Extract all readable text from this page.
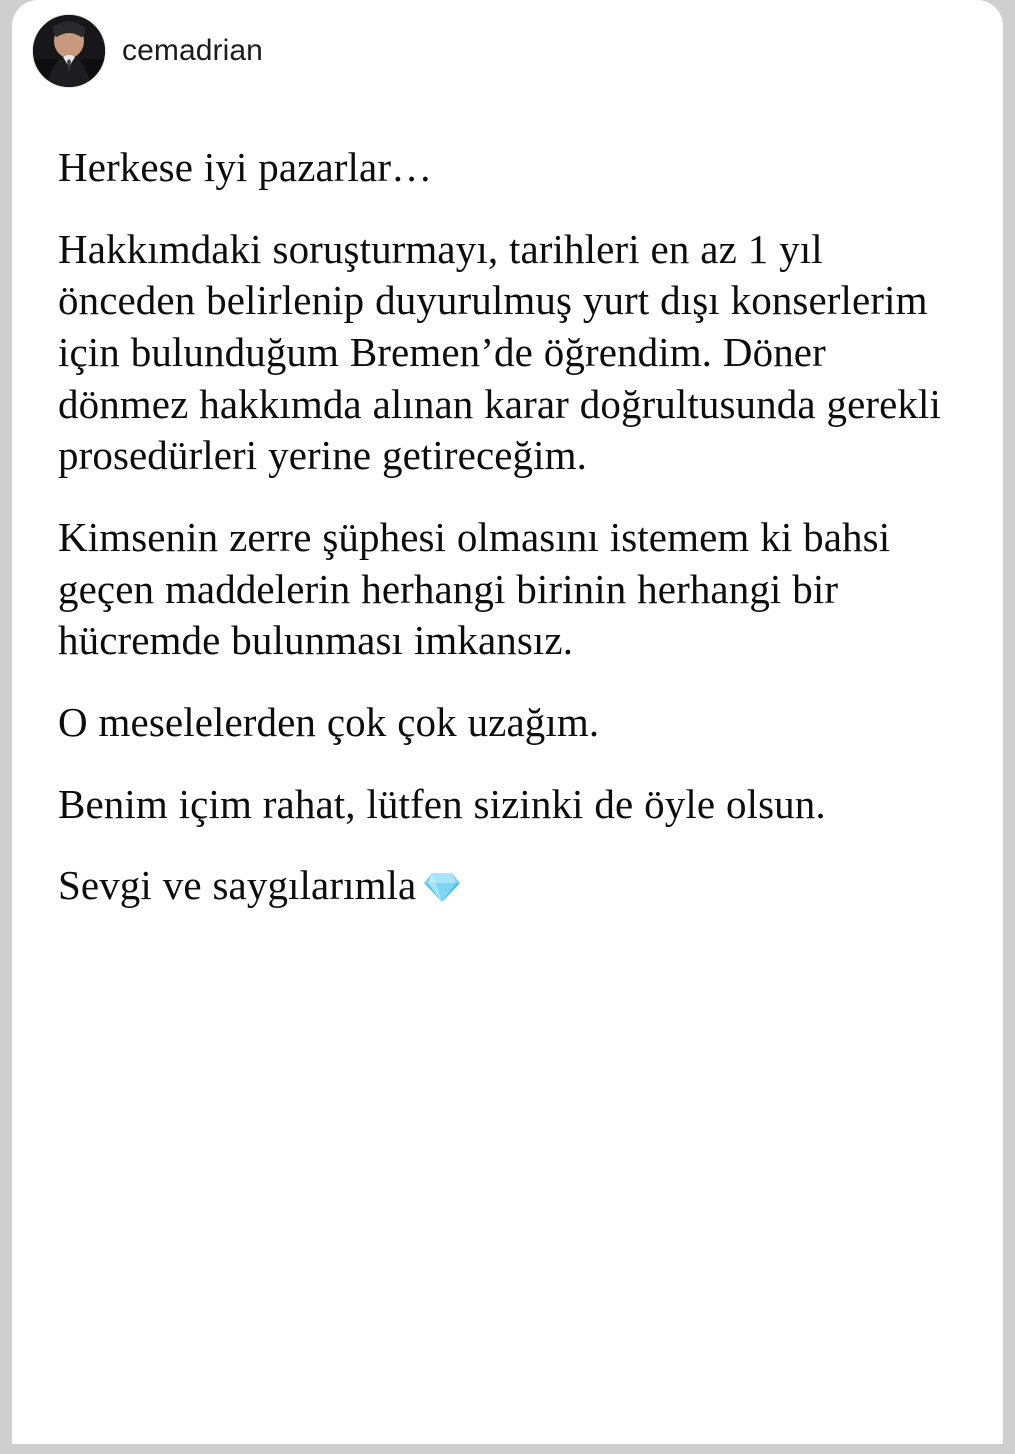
cemadrian

Herkese iyi pazarlar…

Hakkımdaki soruşturmayı, tarihleri en az 1 yıl önceden belirlenip duyurulmuş yurt dışı konserlerim için bulunduğum Bremen’de öğrendim. Döner dönmez hakkımda alınan karar doğrultusunda gerekli prosedürleri yerine getireceğim.

Kimsenin zerre şüphesi olmasını istemem ki bahsi geçen maddelerin herhangi birinin herhangi bir hücremde bulunması imkansız.

O meselelerden çok çok uzağım.

Benim içim rahat, lütfen sizinki de öyle olsun.

Sevgi ve saygılarımla
